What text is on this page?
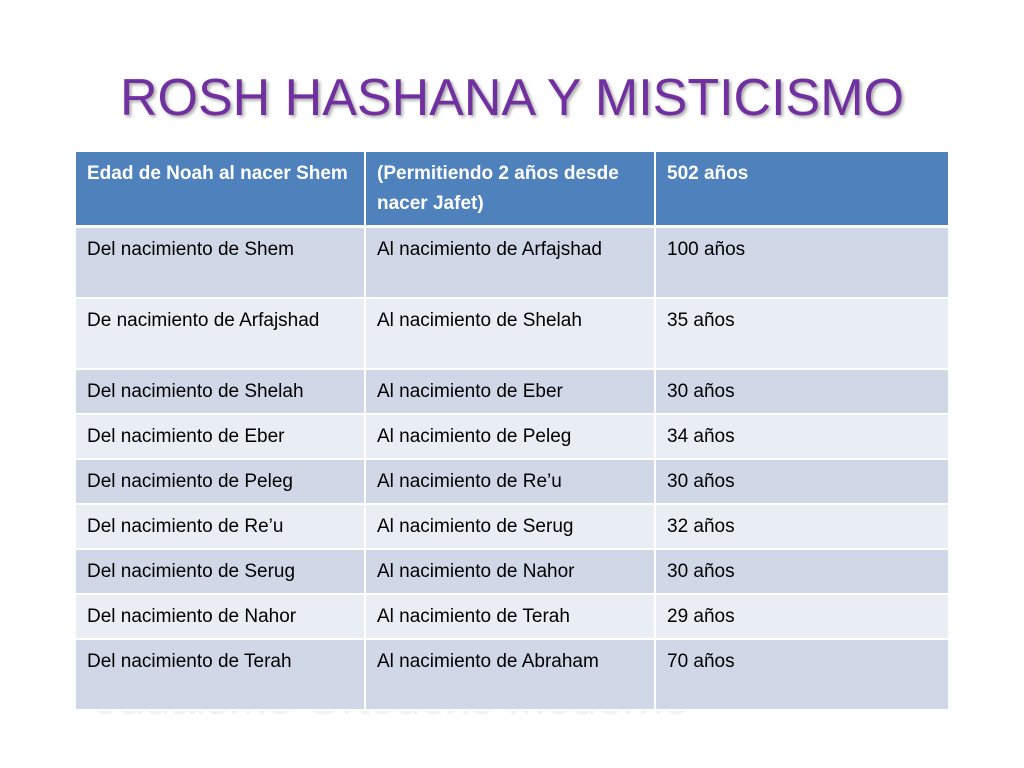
ROSH HASHANA Y MISTICISMO
Edad de Noah al nacer Shem	(Permitiendo 2 años desde nacer Jafet)	502 años
Del nacimiento de Shem	Al nacimiento de Arfajshad	100 años
De nacimiento de Arfajshad	Al nacimiento de Shelah	35 años
Del nacimiento de Shelah	Al nacimiento de Eber	30 años
Del nacimiento de Eber	Al nacimiento de Peleg	34 años
Del nacimiento de Peleg	Al nacimiento de Re’u	30 años
Del nacimiento de Re’u	Al nacimiento de Serug	32 años
Del nacimiento de Serug	Al nacimiento de Nahor	30 años
Del nacimiento de Nahor	Al nacimiento de Terah	29 años
Del nacimiento de Terah	Al nacimiento de Abraham	70 años
